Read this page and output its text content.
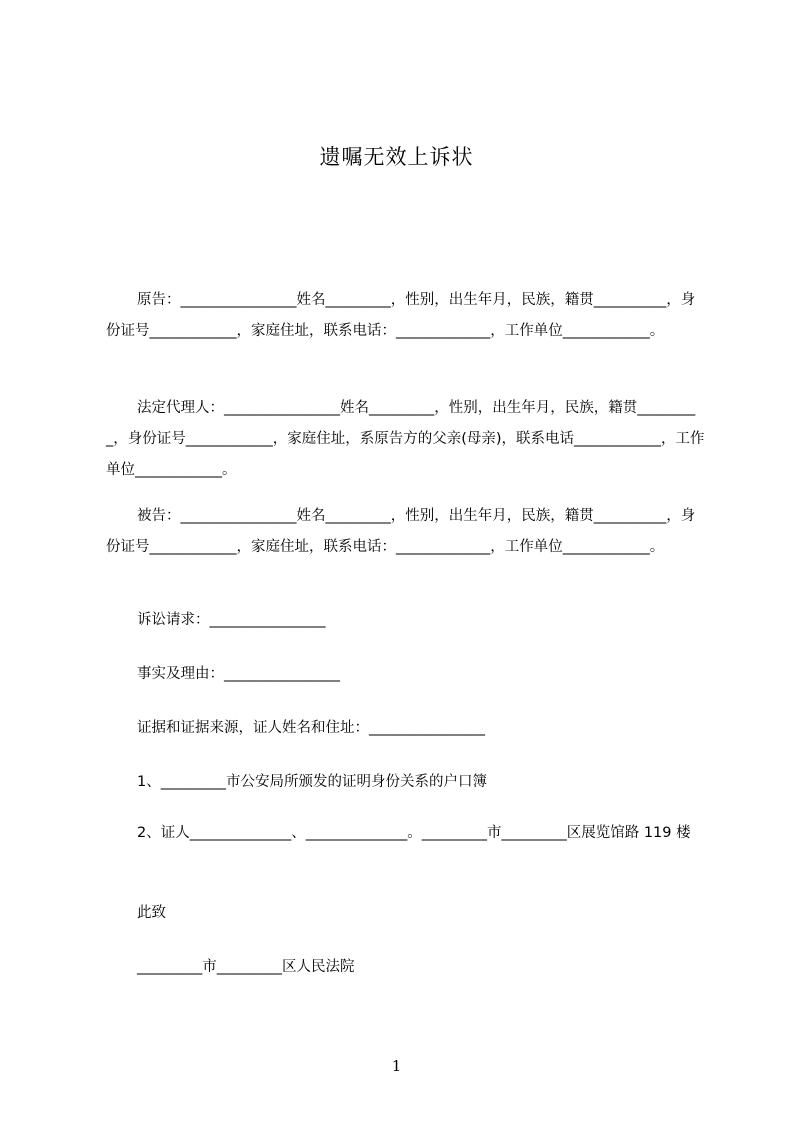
遗嘱无效上诉状
原告：________________姓名_________，性别，出生年月，民族，籍贯__________，身份证号____________，家庭住址，联系电话：_____________，工作单位____________。
法定代理人：________________姓名_________，性别，出生年月，民族，籍贯_________，身份证号____________，家庭住址，系原告方的父亲(母亲)，联系电话____________，工作单位____________。
被告：________________姓名_________，性别，出生年月，民族，籍贯__________，身份证号____________，家庭住址，联系电话：_____________，工作单位____________。
诉讼请求：________________
事实及理由：________________
证据和证据来源，证人姓名和住址：________________
1、_________市公安局所颁发的证明身份关系的户口簿
2、证人______________、______________。_________市_________区展览馆路 119 楼
此致
_________市_________区人民法院
1
